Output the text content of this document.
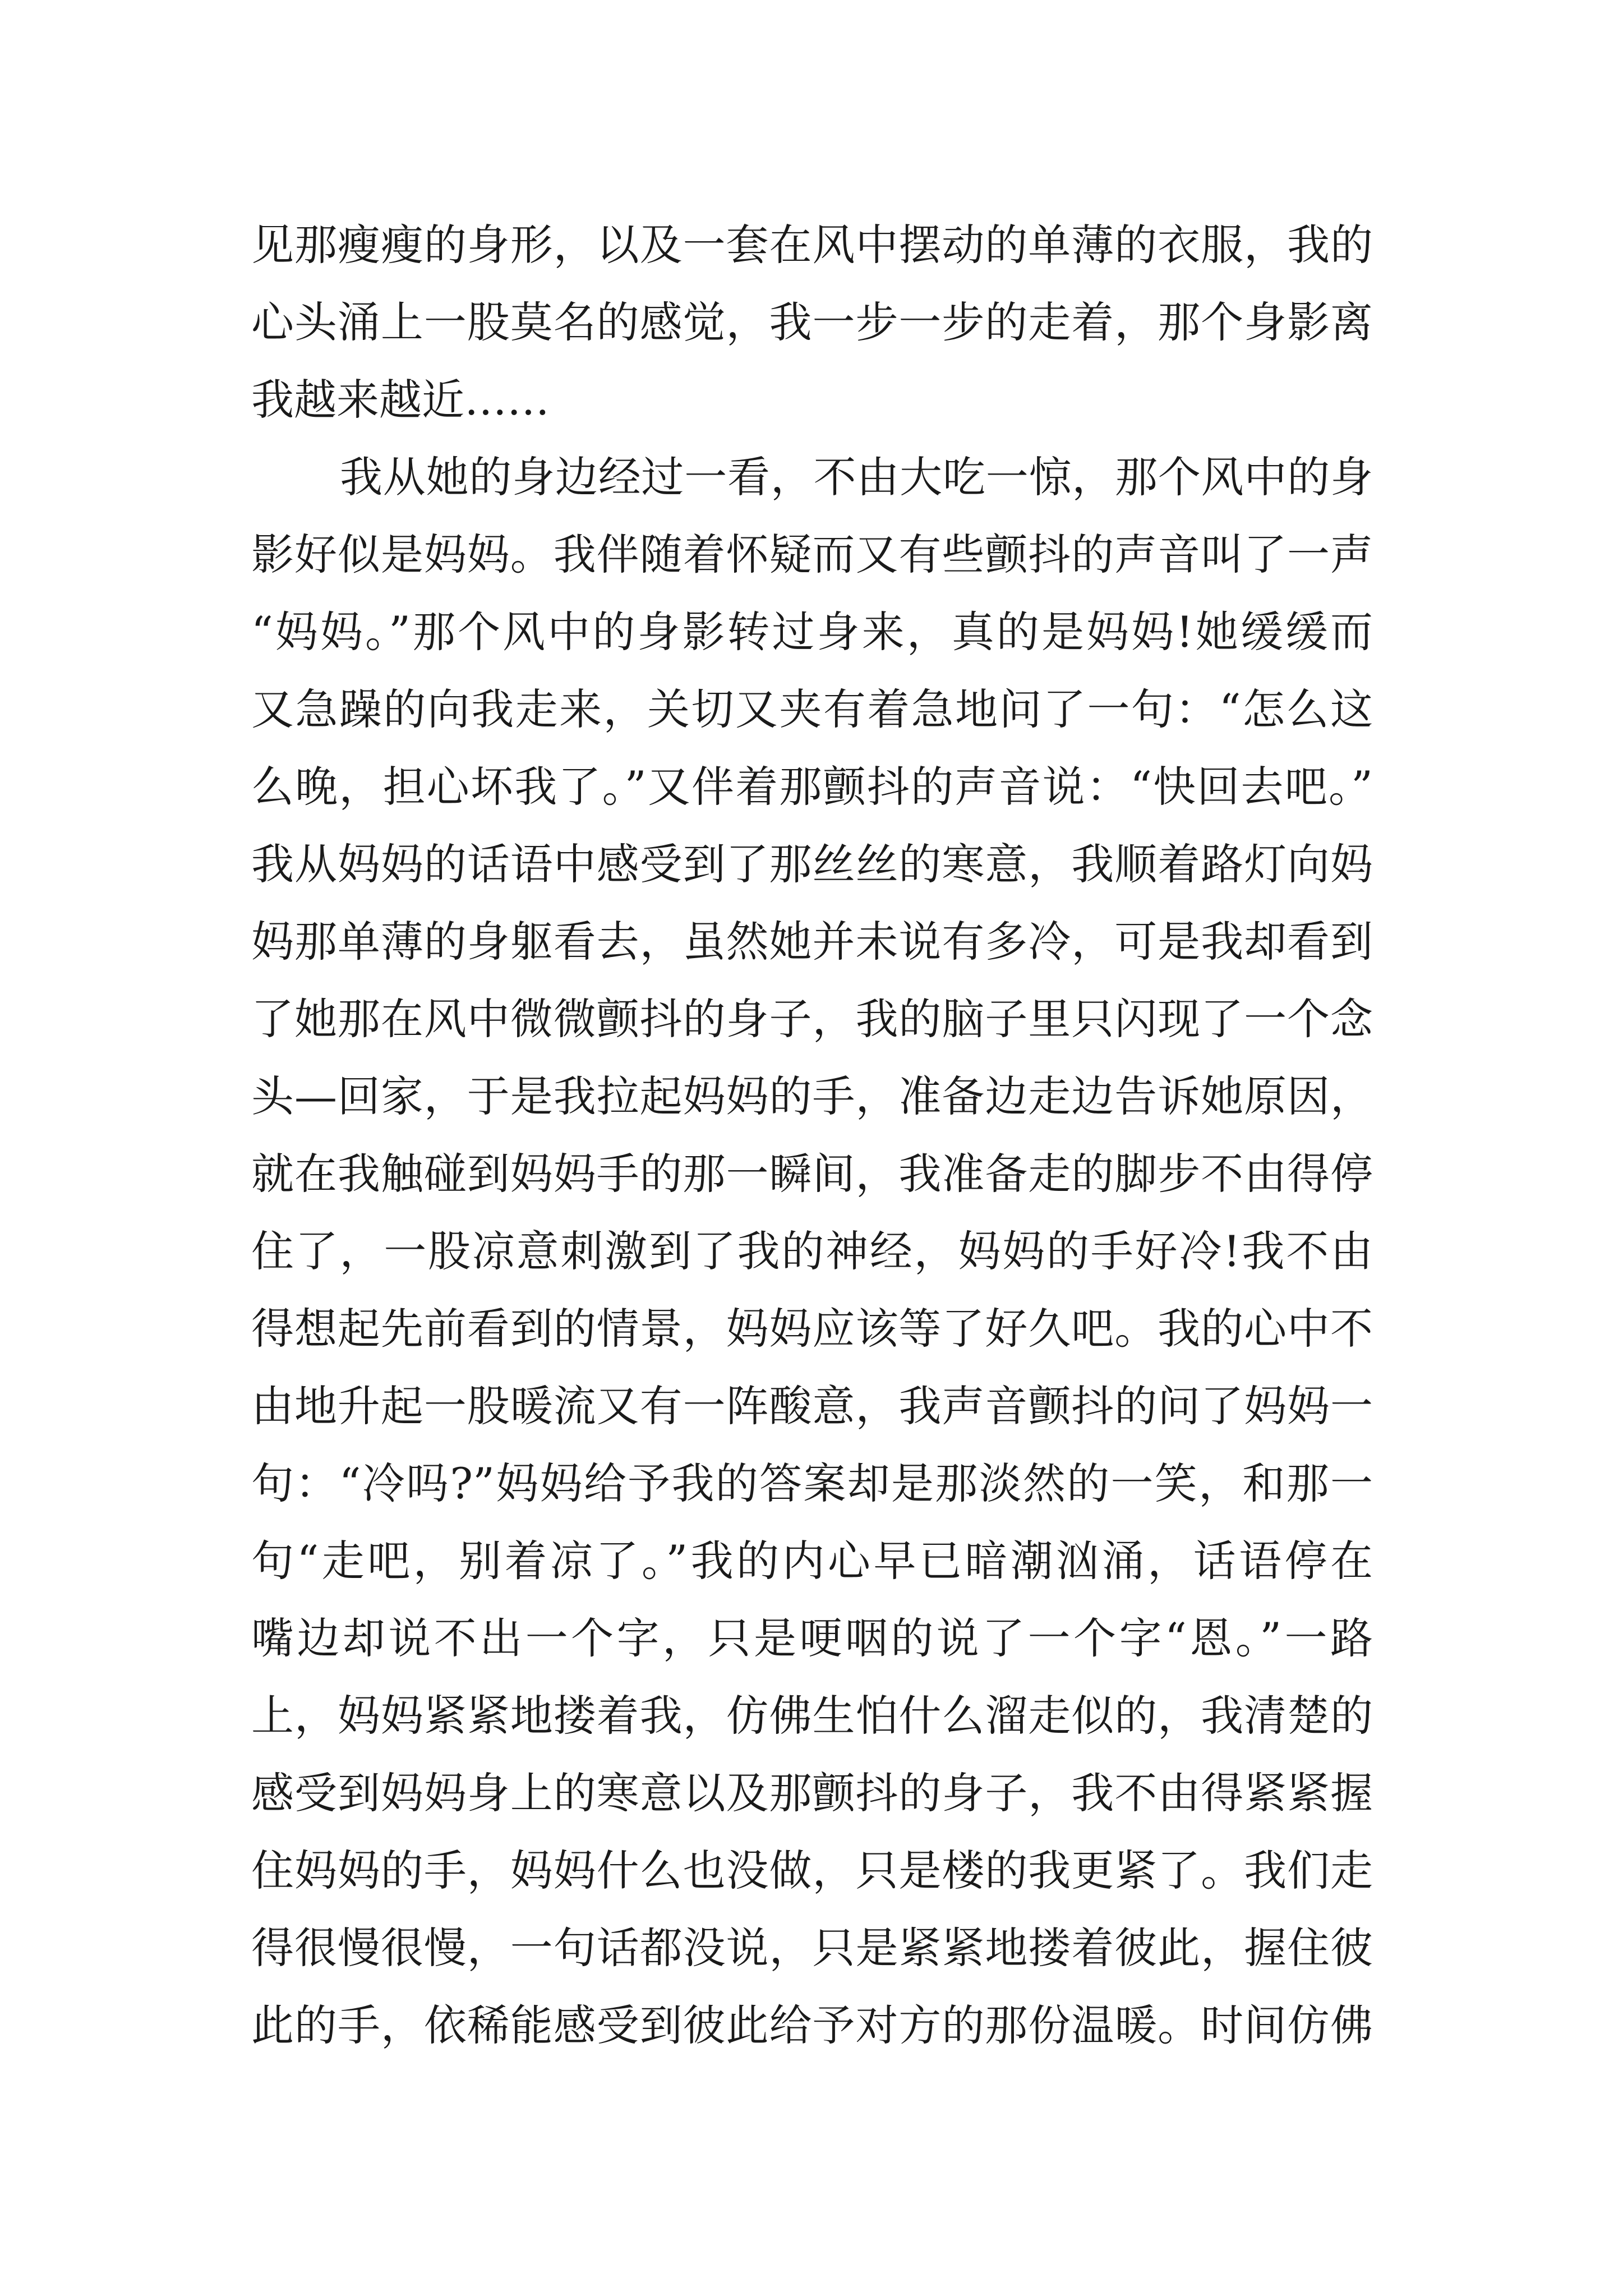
见那瘦瘦的身形，以及一套在风中摆动的单薄的衣服，我的
心头涌上一股莫名的感觉，我一步一步的走着，那个身影离
我越来越近……
我从她的身边经过一看，不由大吃一惊，那个风中的身
影好似是妈妈。我伴随着怀疑而又有些颤抖的声音叫了一声
“妈妈。”那个风中的身影转过身来，真的是妈妈!她缓缓而
又急躁的向我走来，关切又夹有着急地问了一句：“怎么这
么晚，担心坏我了。”又伴着那颤抖的声音说：“快回去吧。”
我从妈妈的话语中感受到了那丝丝的寒意，我顺着路灯向妈
妈那单薄的身躯看去，虽然她并未说有多冷，可是我却看到
了她那在风中微微颤抖的身子，我的脑子里只闪现了一个念
头—回家，于是我拉起妈妈的手，准备边走边告诉她原因，
就在我触碰到妈妈手的那一瞬间，我准备走的脚步不由得停
住了，一股凉意刺激到了我的神经，妈妈的手好冷!我不由
得想起先前看到的情景，妈妈应该等了好久吧。我的心中不
由地升起一股暖流又有一阵酸意，我声音颤抖的问了妈妈一
句：“冷吗?”妈妈给予我的答案却是那淡然的一笑，和那一
句“走吧，别着凉了。”我的内心早已暗潮汹涌，话语停在
嘴边却说不出一个字，只是哽咽的说了一个字“恩。”一路
上，妈妈紧紧地搂着我，仿佛生怕什么溜走似的，我清楚的
感受到妈妈身上的寒意以及那颤抖的身子，我不由得紧紧握
住妈妈的手，妈妈什么也没做，只是楼的我更紧了。我们走
得很慢很慢，一句话都没说，只是紧紧地搂着彼此，握住彼
此的手，依稀能感受到彼此给予对方的那份温暖。时间仿佛
